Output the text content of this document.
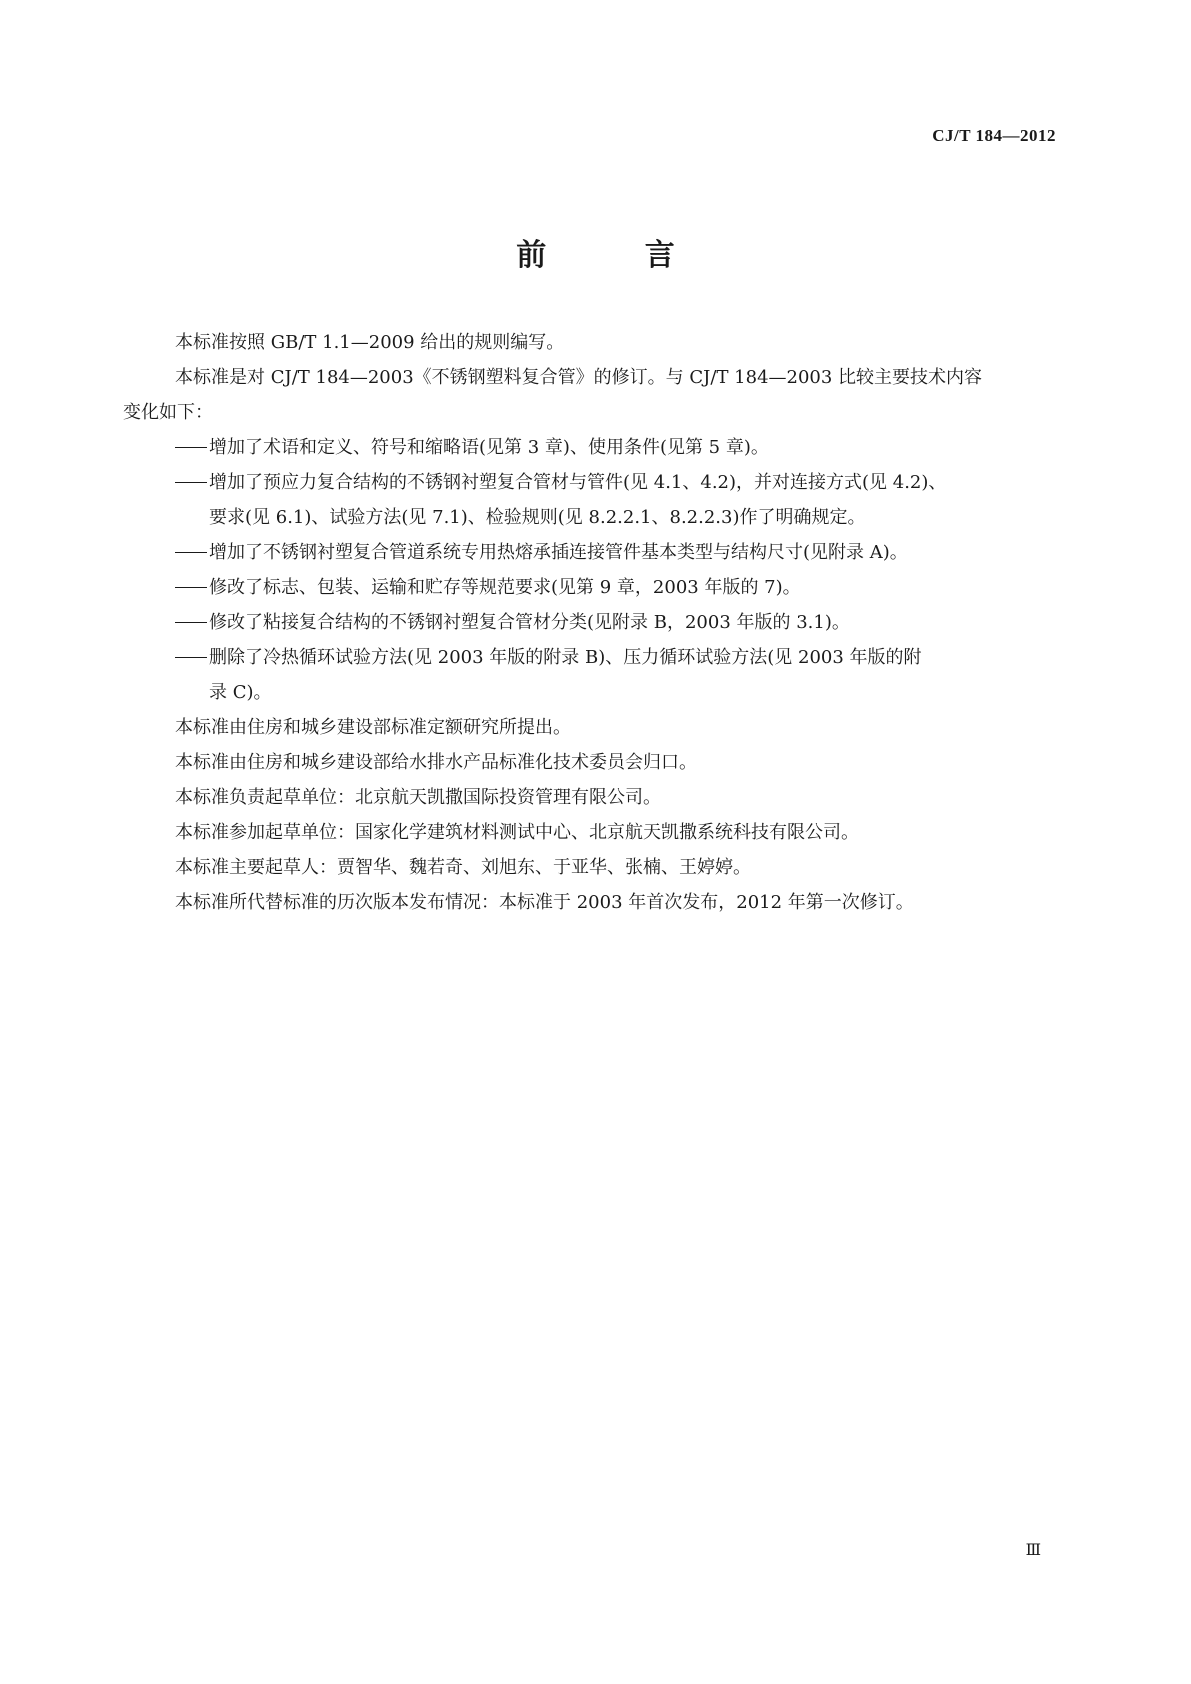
CJ/T 184—2012
前 言

本标准按照 GB/T 1.1—2009 给出的规则编写。

本标准是对 CJ/T 184—2003《不锈钢塑料复合管》的修订。与 CJ/T 184—2003 比较主要技术内容

变化如下：

增加了术语和定义、符号和缩略语(见第 3 章)、使用条件(见第 5 章)。

增加了预应力复合结构的不锈钢衬塑复合管材与管件(见 4.1、4.2)，并对连接方式(见 4.2)、

要求(见 6.1)、试验方法(见 7.1)、检验规则(见 8.2.2.1、8.2.2.3)作了明确规定。

增加了不锈钢衬塑复合管道系统专用热熔承插连接管件基本类型与结构尺寸(见附录 A)。

修改了标志、包装、运输和贮存等规范要求(见第 9 章，2003 年版的 7)。

修改了粘接复合结构的不锈钢衬塑复合管材分类(见附录 B，2003 年版的 3.1)。

删除了冷热循环试验方法(见 2003 年版的附录 B)、压力循环试验方法(见 2003 年版的附

录 C)。

本标准由住房和城乡建设部标准定额研究所提出。

本标准由住房和城乡建设部给水排水产品标准化技术委员会归口。

本标准负责起草单位：北京航天凯撒国际投资管理有限公司。

本标准参加起草单位：国家化学建筑材料测试中心、北京航天凯撒系统科技有限公司。

本标准主要起草人：贾智华、魏若奇、刘旭东、于亚华、张楠、王婷婷。

本标准所代替标准的历次版本发布情况：本标准于 2003 年首次发布，2012 年第一次修订。

Ⅲ
